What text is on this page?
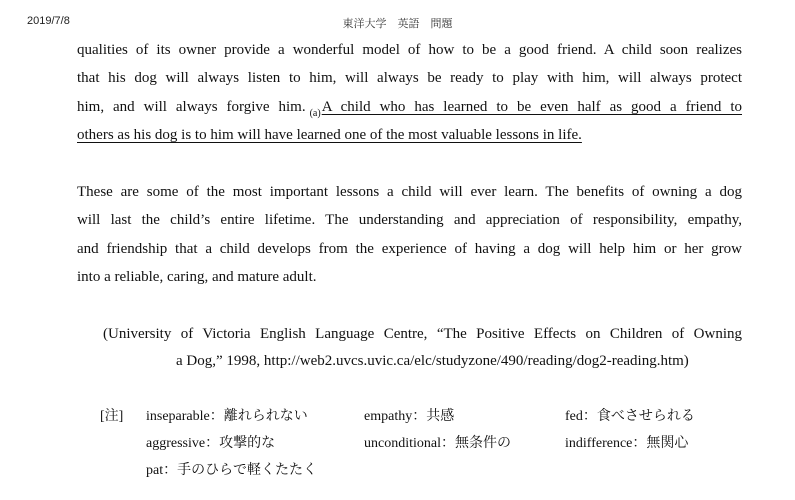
2019/7/8	東洋大学　英語　問題
qualities of its owner provide a wonderful model of how to be a good friend. A child soon realizes
that his dog will always listen to him, will always be ready to play with him, will always protect
him, and will always forgive him. $_{(a)}$A child who has learned to be even half as good a friend to
others as his dog is to him will have learned one of the most valuable lessons in life.
These are some of the most important lessons a child will ever learn. The benefits of owning a dog
will last the child’s entire lifetime. The understanding and appreciation of responsibility, empathy,
and friendship that a child develops from the experience of having a dog will help him or her grow
into a reliable, caring, and mature adult.
(University of Victoria English Language Centre, “The Positive Effects on Children of Owning
a Dog,” 1998, http://web2.uvcs.uvic.ca/elc/studyzone/490/reading/dog2-reading.htm)
[注] inseparable：離れられない	empathy：共感	fed：食べさせられる
aggressive：攻撃的な	unconditional：無条件の	indifference：無関心
pat：手のひらで軽くたたく
